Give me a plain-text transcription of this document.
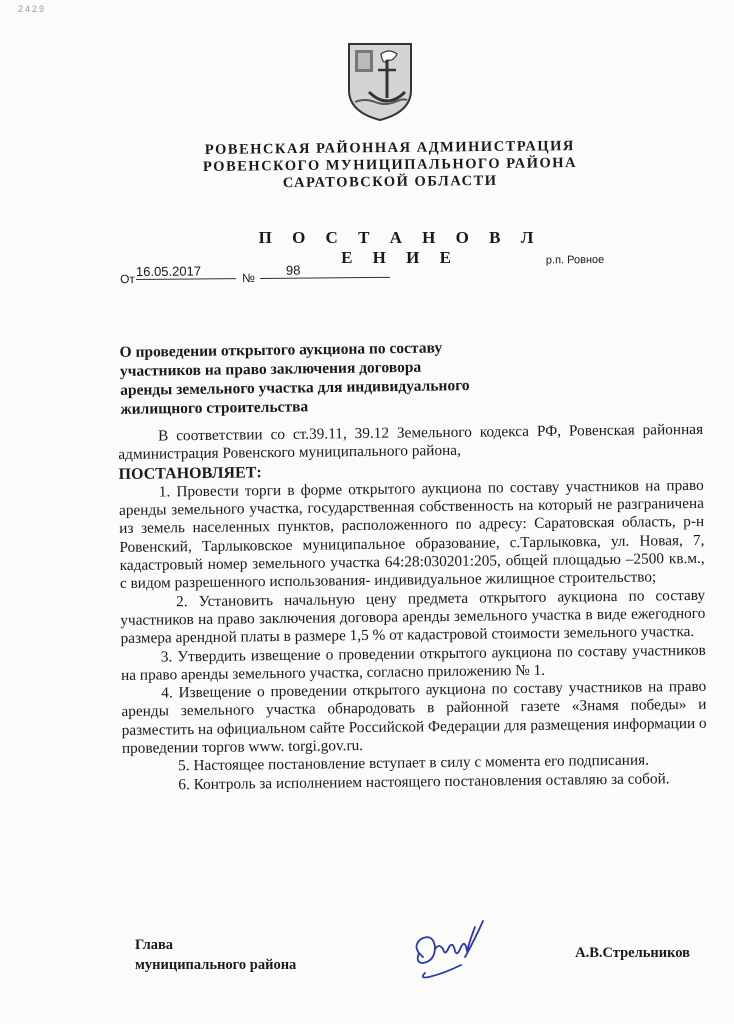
2429
РОВЕНСКАЯ РАЙОННАЯ АДМИНИСТРАЦИЯ
РОВЕНСКОГО МУНИЦИПАЛЬНОГО РАЙОНА
САРАТОВСКОЙ ОБЛАСТИ
П О С Т А Н О В Л Е Н И Е
От
16.05.2017	№
98
р.п. Ровное
О проведении открытого аукциона по составу
участников на право заключения договора
аренды земельного участка для индивидуального
жилищного строительства

В соответствии со ст.39.11, 39.12 Земельного кодекса РФ, Ровенская районная администрация Ровенского муниципального района,

ПОСТАНОВЛЯЕТ:

1. Провести торги в форме открытого аукциона по составу участников на право аренды земельного участка, государственная собственность на который не разграничена из земель населенных пунктов, расположенного по адресу: Саратовская область, р-н Ровенский, Тарлыковское муниципальное образование, с.Тарлыковка, ул. Новая, 7, кадастровый номер земельного участка 64:28:030201:205, общей площадью –2500 кв.м., с видом разрешенного использования- индивидуальное жилищное строительство;

2. Установить начальную цену предмета открытого аукциона по составу участников на право заключения договора аренды земельного участка в виде ежегодного размера арендной платы в размере 1,5 % от кадастровой стоимости земельного участка.

3. Утвердить извещение о проведении открытого аукциона по составу участников на право аренды земельного участка, согласно приложению № 1.

4. Извещение о проведении открытого аукциона по составу участников на право аренды земельного участка обнародовать в районной газете «Знамя победы» и разместить на официальном сайте Российской Федерации для размещения информации о проведении торгов www. torgi.gov.ru.

5. Настоящее постановление вступает в силу с момента его подписания.

6. Контроль за исполнением настоящего постановления оставляю за собой.

Глава
муниципального района
А.В.Стрельников
